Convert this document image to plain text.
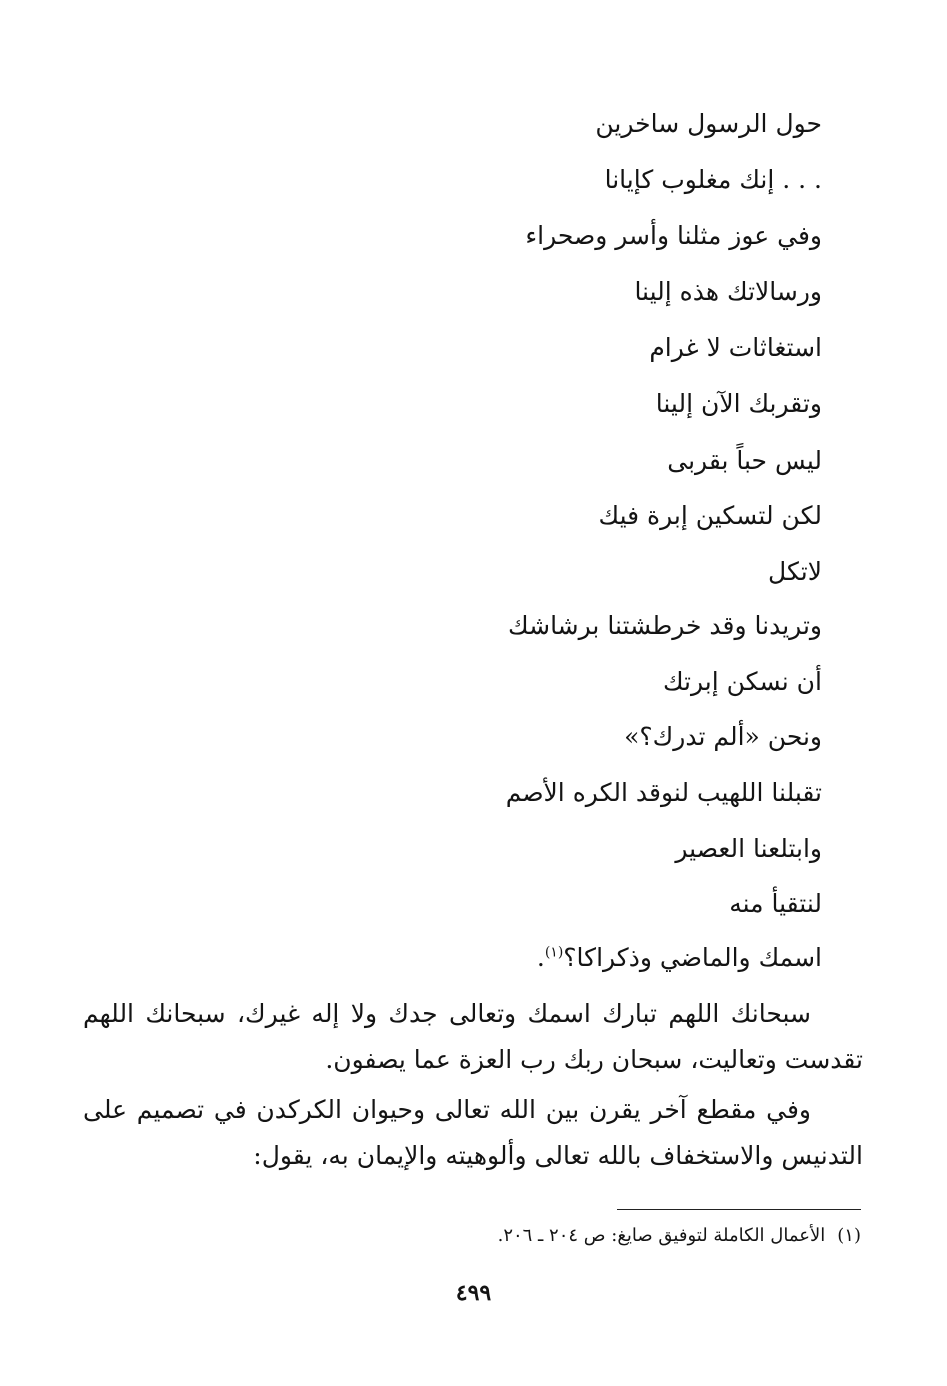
حول الرسول ساخرين

. . . إنك مغلوب كإيانا

وفي عوز مثلنا وأسر وصحراء

ورسالاتك هذه إلينا

استغاثات لا غرام

وتقربك الآن إلينا

ليس حباً بقربى

لكن لتسكين إبرة فيك

لاتكل

وتريدنا وقد خرطشتنا برشاشك

أن نسكن إبرتك

ونحن «ألم تدرك؟»

تقبلنا اللهيب لنوقد الكره الأصم

وابتلعنا العصير

لنتقيأ منه

اسمك والماضي وذكراكا؟$^{(١)}$.

سبحانك اللهم تبارك اسمك وتعالى جدك ولا إله غيرك، سبحانك اللهم تقدست وتعاليت، سبحان ربك رب العزة عما يصفون.

وفي مقطع آخر يقرن بين الله تعالى وحيوان الكركدن في تصميم على التدنيس والاستخفاف بالله تعالى وألوهيته والإيمان به، يقول:

(١)الأعمال الكاملة لتوفيق صايغ: ص ٢٠٤ ـ ٢٠٦.

٤٩٩
